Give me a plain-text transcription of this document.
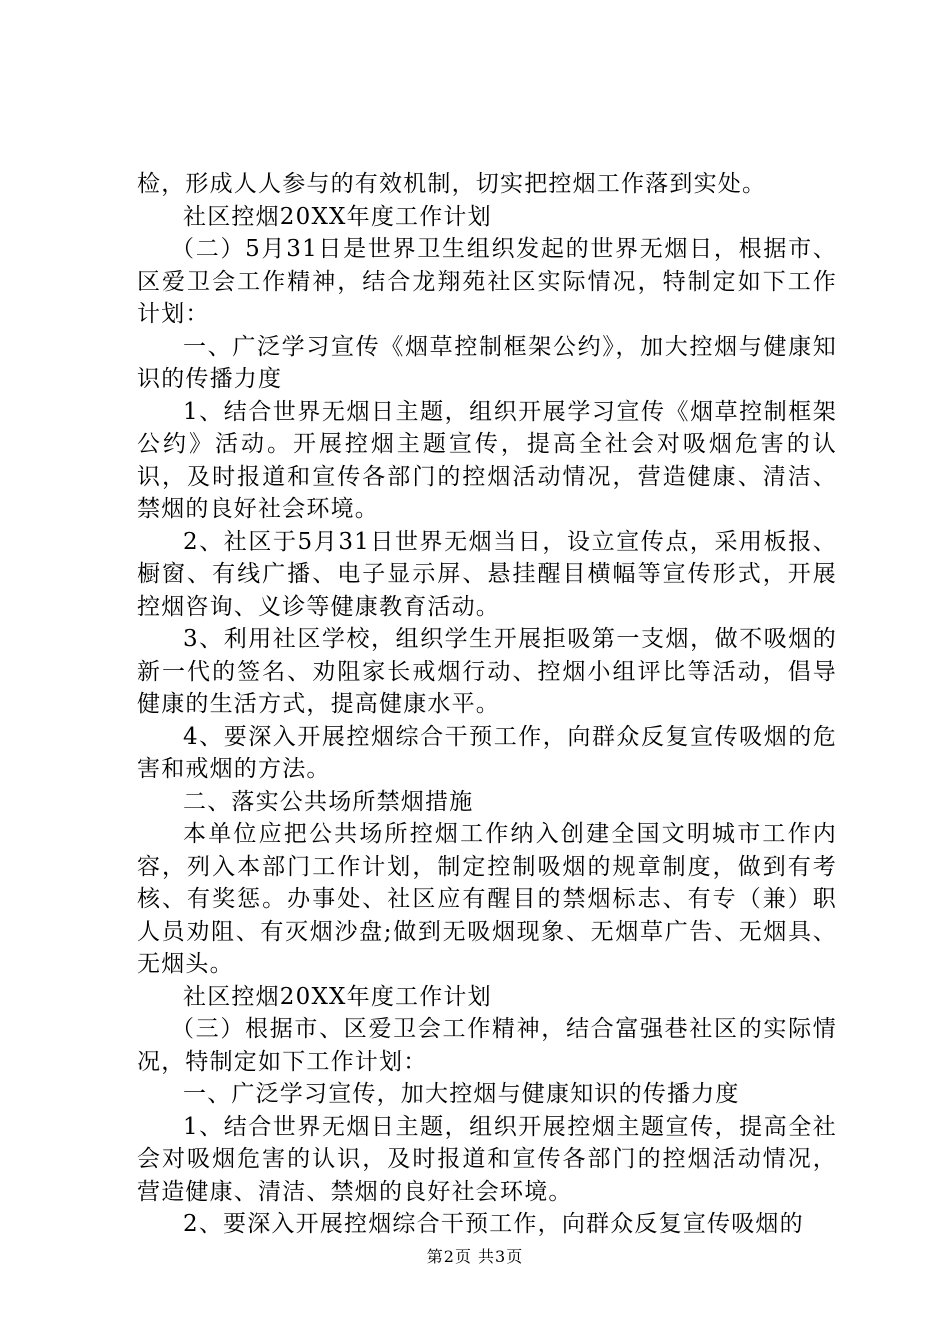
检，形成人人参与的有效机制，切实把控烟工作落到实处。

社区控烟20XX年度工作计划

（二）5月31日是世界卫生组织发起的世界无烟日，根据市、区爱卫会工作精神，结合龙翔苑社区实际情况，特制定如下工作计划：

一、广泛学习宣传《烟草控制框架公约》，加大控烟与健康知识的传播力度

1、结合世界无烟日主题，组织开展学习宣传《烟草控制框架公约》活动。开展控烟主题宣传，提高全社会对吸烟危害的认识，及时报道和宣传各部门的控烟活动情况，营造健康、清洁、禁烟的良好社会环境。

2、社区于5月31日世界无烟当日，设立宣传点，采用板报、橱窗、有线广播、电子显示屏、悬挂醒目横幅等宣传形式，开展控烟咨询、义诊等健康教育活动。

3、利用社区学校，组织学生开展拒吸第一支烟，做不吸烟的新一代的签名、劝阻家长戒烟行动、控烟小组评比等活动，倡导健康的生活方式，提高健康水平。

4、要深入开展控烟综合干预工作，向群众反复宣传吸烟的危害和戒烟的方法。

二、落实公共场所禁烟措施

本单位应把公共场所控烟工作纳入创建全国文明城市工作内容，列入本部门工作计划，制定控制吸烟的规章制度，做到有考核、有奖惩。办事处、社区应有醒目的禁烟标志、有专（兼）职人员劝阻、有灭烟沙盘;做到无吸烟现象、无烟草广告、无烟具、无烟头。

社区控烟20XX年度工作计划

（三）根据市、区爱卫会工作精神，结合富强巷社区的实际情况，特制定如下工作计划：

一、广泛学习宣传，加大控烟与健康知识的传播力度

1、结合世界无烟日主题，组织开展控烟主题宣传，提高全社会对吸烟危害的认识，及时报道和宣传各部门的控烟活动情况，营造健康、清洁、禁烟的良好社会环境。

2、要深入开展控烟综合干预工作，向群众反复宣传吸烟的

第2页 共3页
